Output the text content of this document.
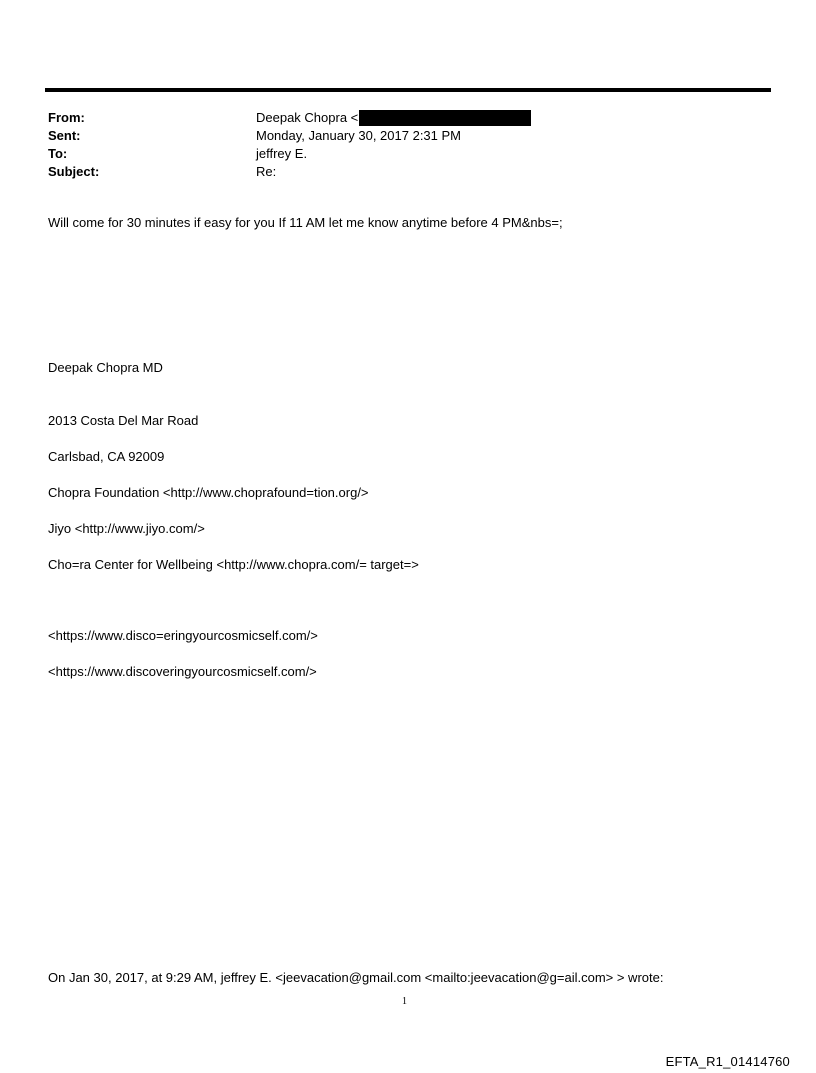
From:	Deepak Chopra <
Sent:	Monday, January 30, 2017 2:31 PM
To:	jeffrey E.
Subject:	Re:
Will come for 30 minutes if easy for you If 11 AM let me know anytime before 4 PM&nbs=;
Deepak Chopra MD
2013 Costa Del Mar Road
Carlsbad, CA 92009
Chopra Foundation <http://www.choprafound=tion.org/>
Jiyo <http://www.jiyo.com/>
Cho=ra Center for Wellbeing <http://www.chopra.com/= target=>
<https://www.disco=eringyourcosmicself.com/>
<https://www.discoveringyourcosmicself.com/>
On Jan 30, 2017, at 9:29 AM, jeffrey E. <jeevacation@gmail.com <mailto:jeevacation@g=ail.com> > wrote:
1
EFTA_R1_01414760
